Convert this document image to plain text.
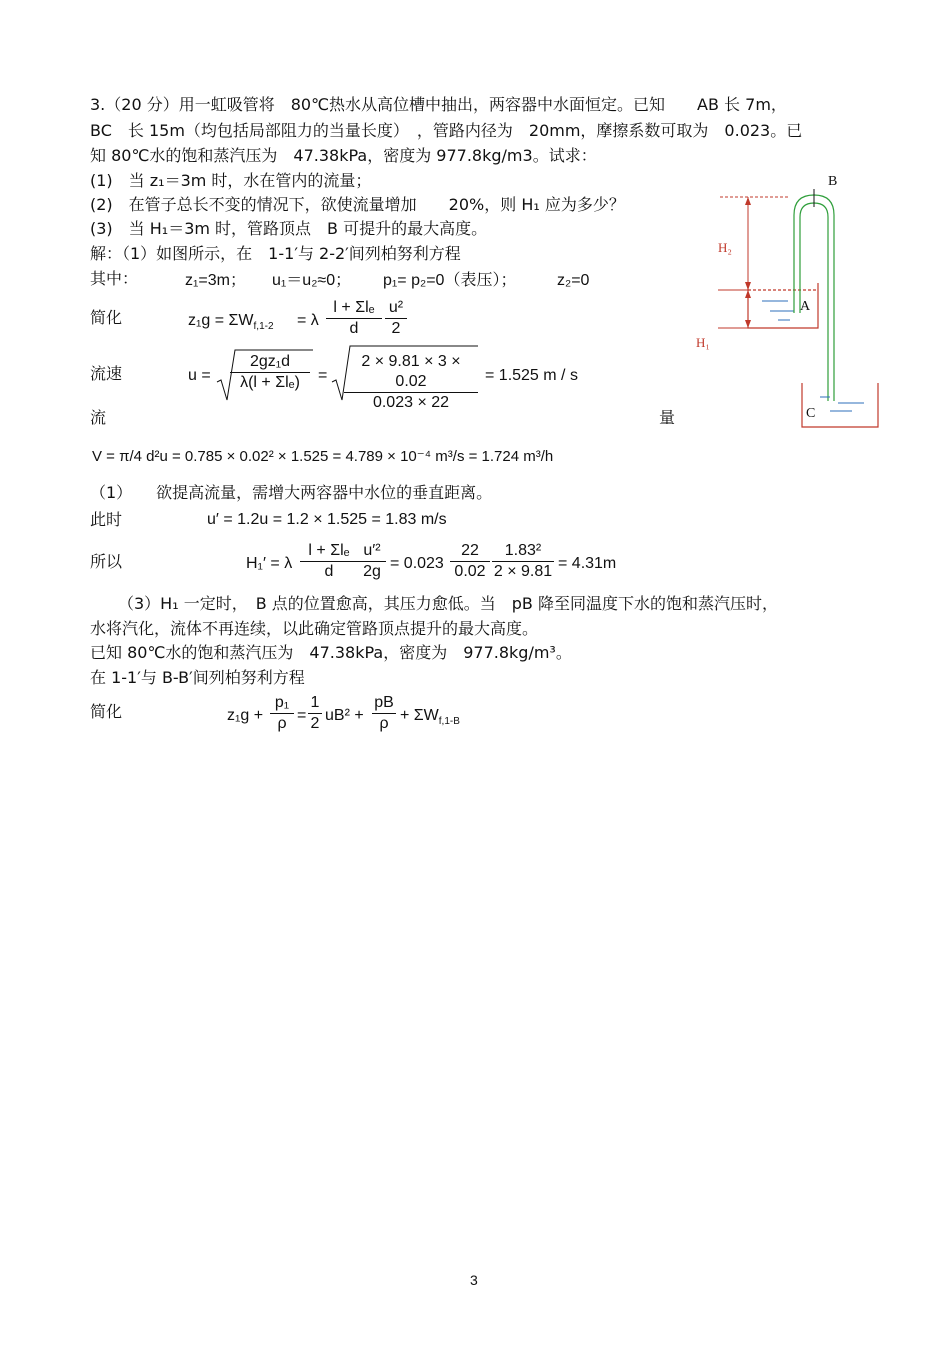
3.（20 分）用一虹吸管将　80℃热水从高位槽中抽出，两容器中水面恒定。已知　　AB 长 7m，
BC　长 15m（均包括局部阻力的当量长度）　，管路内径为　20mm，摩擦系数可取为　0.023。已
知 80℃水的饱和蒸汽压为　47.38kPa，密度为 977.8kg/m3。试求：
(1)　当 z₁＝3m 时，水在管内的流量；
(2)　在管子总长不变的情况下，欲使流量增加　　20%，则 H₁ 应为多少？
(3)　当 H₁＝3m 时，管路顶点　B 可提升的最大高度。
解：（1）如图所示，在　1-1′与 2-2′间列柏努利方程
其中：	z₁=3m； u₁＝u₂≈0； p₁= p₂=0（表压）；	z₂=0
简化	$z_1g = \Sigma W_{f,1-2} = \lambda$
l + Σlₑ
d
u²
2
流速	u =
2gz₁d
λ(l + Σlₑ)	=
2 × 9.81 × 3 × 0.02
0.023 × 22
= 1.525 m / s
流	量
V = π/4 d²u = 0.785 × 0.02² × 1.525 = 4.789 × 10⁻⁴ m³/s = 1.724 m³/h
（1）　　欲提高流量，需增大两容器中水位的垂直距离。
此时	u′ = 1.2u = 1.2 × 1.525 = 1.83 m/s
所以	H₁′ = λ
l + Σlₑ
d
u′²
2g = 0.023
22
0.02
1.83²
2 × 9.81 = 4.31m
（3）H₁ 一定时，　B 点的位置愈高，其压力愈低。当　pB 降至同温度下水的饱和蒸汽压时，
水将汽化，流体不再连续，以此确定管路顶点提升的最大高度。
已知 80℃水的饱和蒸汽压为　47.38kPa，密度为　977.8kg/m³。
在 1-1′与 B-B′间列柏努利方程
简化	z₁g +
p₁
ρ =
1
2 uB² +
pB
$\rho + \Sigma W_{f,1-B}$
B
H₂
A
H₁
C
3
